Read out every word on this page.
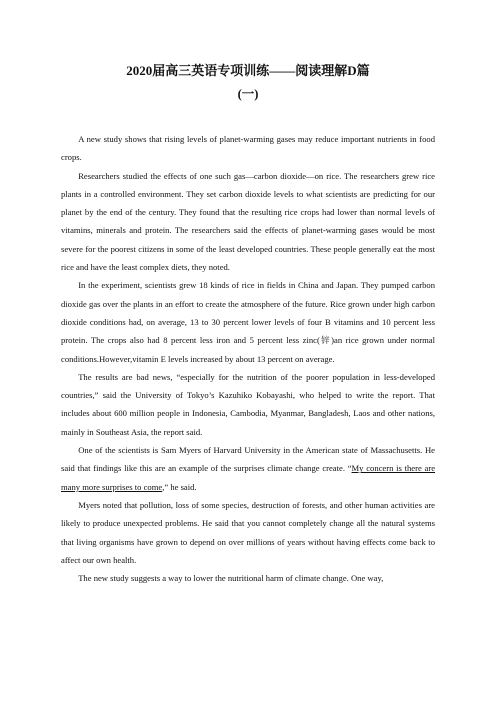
2020届高三英语专项训练——阅读理解D篇
(一)

A new study shows that rising levels of planet-warming gases may reduce important nutrients in food crops.

Researchers studied the effects of one such gas—carbon dioxide—on rice. The researchers grew rice plants in a controlled environment. They set carbon dioxide levels to what scientists are predicting for our planet by the end of the century. They found that the resulting rice crops had lower than normal levels of vitamins, minerals and protein. The researchers said the effects of planet-warming gases would be most severe for the poorest citizens in some of the least developed countries. These people generally eat the most rice and have the least complex diets, they noted.

In the experiment, scientists grew 18 kinds of rice in fields in China and Japan. They pumped carbon dioxide gas over the plants in an effort to create the atmosphere of the future. Rice grown under high carbon dioxide conditions had, on average, 13 to 30 percent lower levels of four B vitamins and 10 percent less protein. The crops also had 8 percent less iron and 5 percent less zinc(锌)an rice grown under normal conditions.However,vitamin E levels increased by about 13 percent on average.

The results are bad news, “especially for the nutrition of the poorer population in less-developed countries,” said the University of Tokyo’s Kazuhiko Kobayashi, who helped to write the report. That includes about 600 million people in Indonesia, Cambodia, Myanmar, Bangladesh, Laos and other nations, mainly in Southeast Asia, the report said.

One of the scientists is Sam Myers of Harvard University in the American state of Massachusetts. He said that findings like this are an example of the surprises climate change create. “My concern is there are many more surprises to come,” he said.

Myers noted that pollution, loss of some species, destruction of forests, and other human activities are likely to produce unexpected problems. He said that you cannot completely change all the natural systems that living organisms have grown to depend on over millions of years without having effects come back to affect our own health.

The new study suggests a way to lower the nutritional harm of climate change. One way,
